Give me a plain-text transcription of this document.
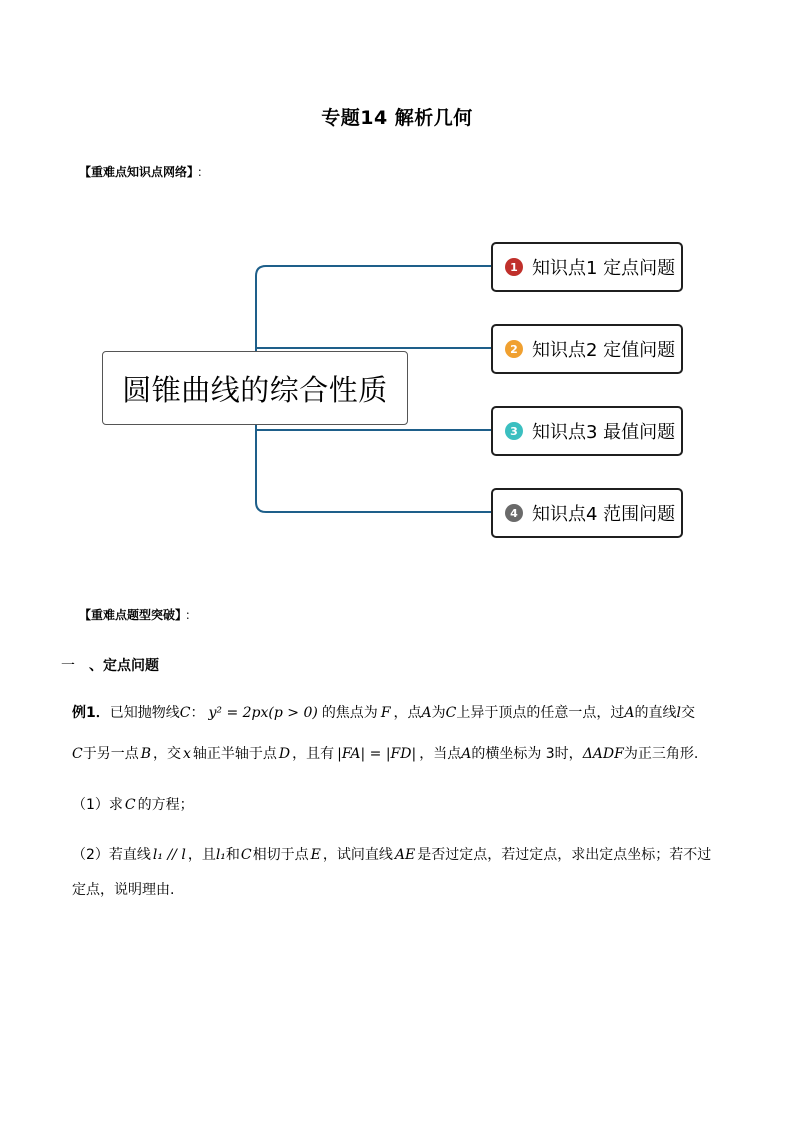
专题14 解析几何
【重难点知识点网络】 ：
圆锥曲线的综合性质
1 知识点1 定点问题
2 知识点2 定值问题
3 知识点3 最值问题
4 知识点4 范围问题
【重难点题型突破】 ：
一 、定点问题
例1．已知抛物线C： y² = 2px(p > 0) 的焦点为 F ，点A为C上异于顶点的任意一点，过A的直线l交
C于另一点 B ，交 x 轴正半轴于点 D ，且有 |FA| = |FD| ，当点A的横坐标为 3时，ΔADF为正三角形.
（1）求 C 的方程；
（2）若直线 l₁ // l ，且l₁和C相切于点 E ，试问直线 AE 是否过定点，若过定点，求出定点坐标；若不过
定点，说明理由.
